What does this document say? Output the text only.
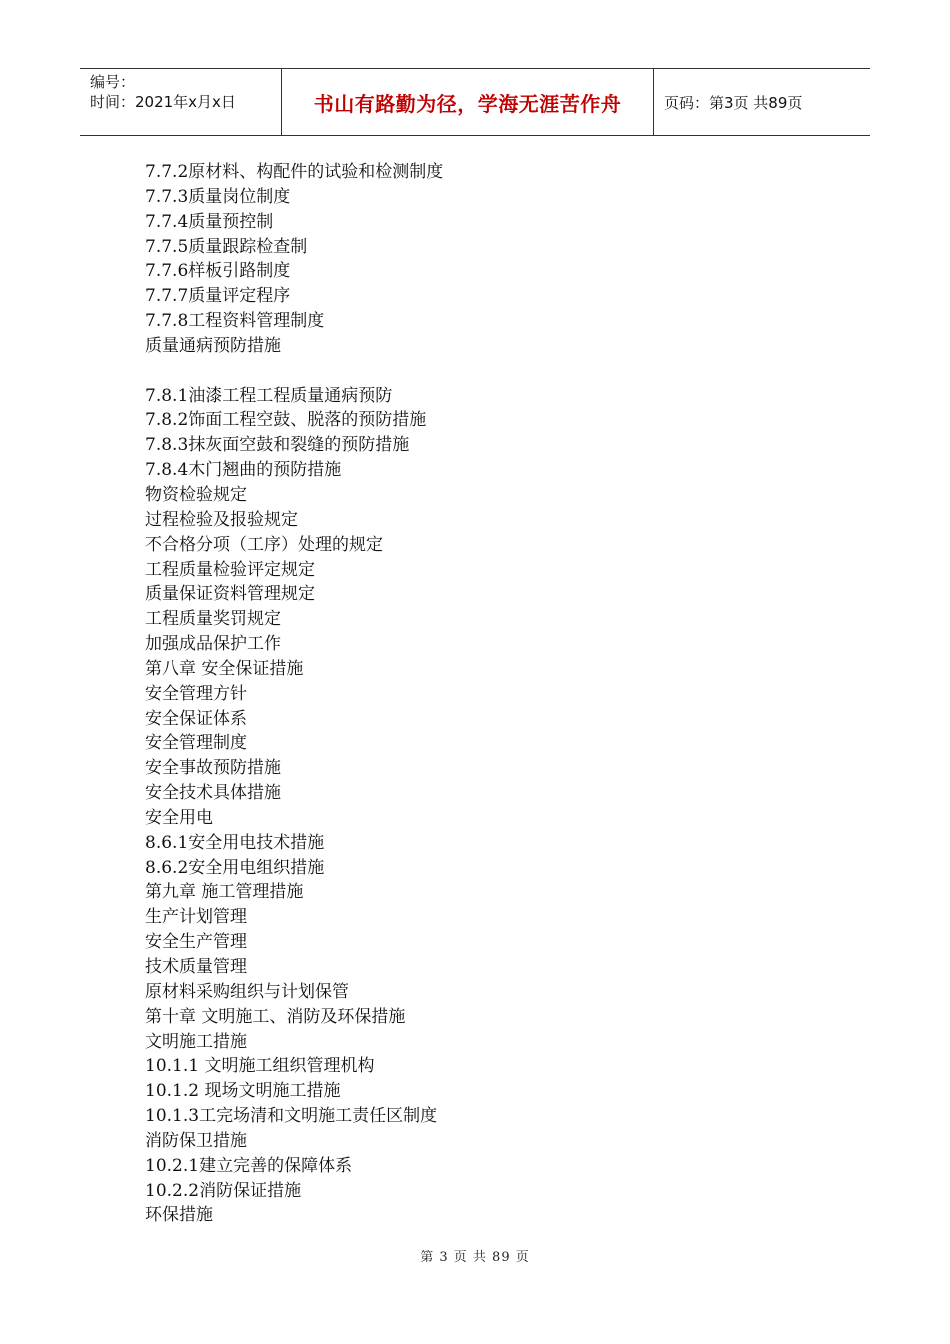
编号：
时间：2021年x月x日	书山有路勤为径，学海无涯苦作舟	页码：第3页 共89页
7.7.2原材料、构配件的试验和检测制度
7.7.3质量岗位制度
7.7.4质量预控制
7.7.5质量跟踪检查制
7.7.6样板引路制度
7.7.7质量评定程序
7.7.8工程资料管理制度
质量通病预防措施
7.8.1油漆工程工程质量通病预防
7.8.2饰面工程空鼓、脱落的预防措施
7.8.3抹灰面空鼓和裂缝的预防措施
7.8.4木门翘曲的预防措施
物资检验规定
过程检验及报验规定
不合格分项（工序）处理的规定
工程质量检验评定规定
质量保证资料管理规定
工程质量奖罚规定
加强成品保护工作
第八章 安全保证措施
安全管理方针
安全保证体系
安全管理制度
安全事故预防措施
安全技术具体措施
安全用电
8.6.1安全用电技术措施
8.6.2安全用电组织措施
第九章 施工管理措施
生产计划管理
安全生产管理
技术质量管理
原材料采购组织与计划保管
第十章 文明施工、消防及环保措施
文明施工措施
10.1.1 文明施工组织管理机构
10.1.2 现场文明施工措施
10.1.3工完场清和文明施工责任区制度
消防保卫措施
10.2.1建立完善的保障体系
10.2.2消防保证措施
环保措施
第 3 页 共 89 页
